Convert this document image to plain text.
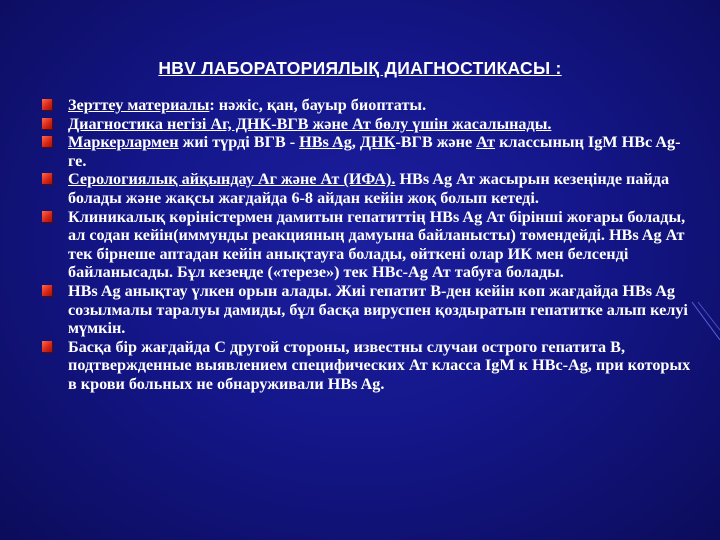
HBV ЛАБОРАТОРИЯЛЫҚ ДИАГНОСТИКАСЫ :
Зерттеу материалы: нәжіс, қан, бауыр биоптаты.
Диагностика негізі Аг, ДНК-ВГВ және Ат бөлу үшін жасалынады.
Маркерлармен жиі түрді ВГВ - HBs Ag, ДНК-ВГВ және Ат классының IgM HBc Ag-ге.
Серологиялық айқындау Аг және Ат (ИФА). HBs Ag Ат жасырын кезеңінде пайда болады және жақсы жағдайда 6-8 айдан кейін жоқ болып кетеді.
Клиникалық көріністермен дамитын гепатиттің HBs Ag Ат бірінші жоғары болады, ал содан кейін(иммунды реакцияның дамуына байланысты) төмендейді. HBs Ag Ат тек бірнеше аптадан кейін анықтауға болады, өйткені олар ИК мен белсенді байланысады. Бұл кезеңде («терезе») тек HBc-Ag Ат табуға болады.
HBs Ag анықтау үлкен орын алады. Жиі гепатит В-ден кейін көп жағдайда HBs Ag созылмалы таралуы дамиды, бұл басқа вируспен қоздыратын гепатитке алып келуі мүмкін.
Басқа бір жағдайда С другой стороны, известны случаи острого гепатита В, подтвержденные выявлением специфических Ат класса IgM к HBc-Ag, при которых в крови больных не обнаруживали HBs Ag.
